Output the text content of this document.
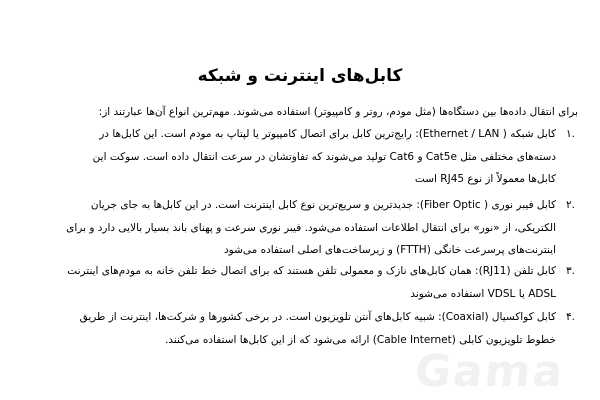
کابل‌های اینترنت و شبکه
برای انتقال داده‌ها بین دستگاه‌ها (مثل مودم، روتر و کامپیوتر) استفاده می‌شوند. مهم‌ترین انواع آن‌ها عبارتند از:
۱.
کابل شبکه ( Ethernet / LAN): رایج‌ترین کابل برای اتصال کامپیوتر یا لپتاپ به مودم است. این کابل‌ها در
دسته‌های مختلفی مثل Cat5e و Cat6 تولید می‌شوند که تفاوتشان در سرعت انتقال داده است. سوکت این
کابل‌ها معمولاً از نوع RJ45 است
۲.
کابل فیبر نوری ( Fiber Optic): جدیدترین و سریع‌ترین نوع کابل اینترنت است. در این کابل‌ها به جای جریان
الکتریکی، از «نور» برای انتقال اطلاعات استفاده می‌شود. فیبر نوری سرعت و پهنای باند بسیار بالایی دارد و برای
اینترنت‌های پرسرعت خانگی (FTTH) و زیرساخت‌های اصلی استفاده می‌شود
۳.
کابل تلفن (RJ11): همان کابل‌های نازک و معمولی تلفن هستند که برای اتصال خط تلفن خانه به مودم‌های اینترنت
ADSL یا VDSL استفاده می‌شوند
۴.
کابل کواکسیال (Coaxial): شبیه کابل‌های آنتن تلویزیون است. در برخی کشورها و شرکت‌ها، اینترنت از طریق
خطوط تلویزیون کابلی (Cable Internet) ارائه می‌شود که از این کابل‌ها استفاده می‌کنند.
Gama
